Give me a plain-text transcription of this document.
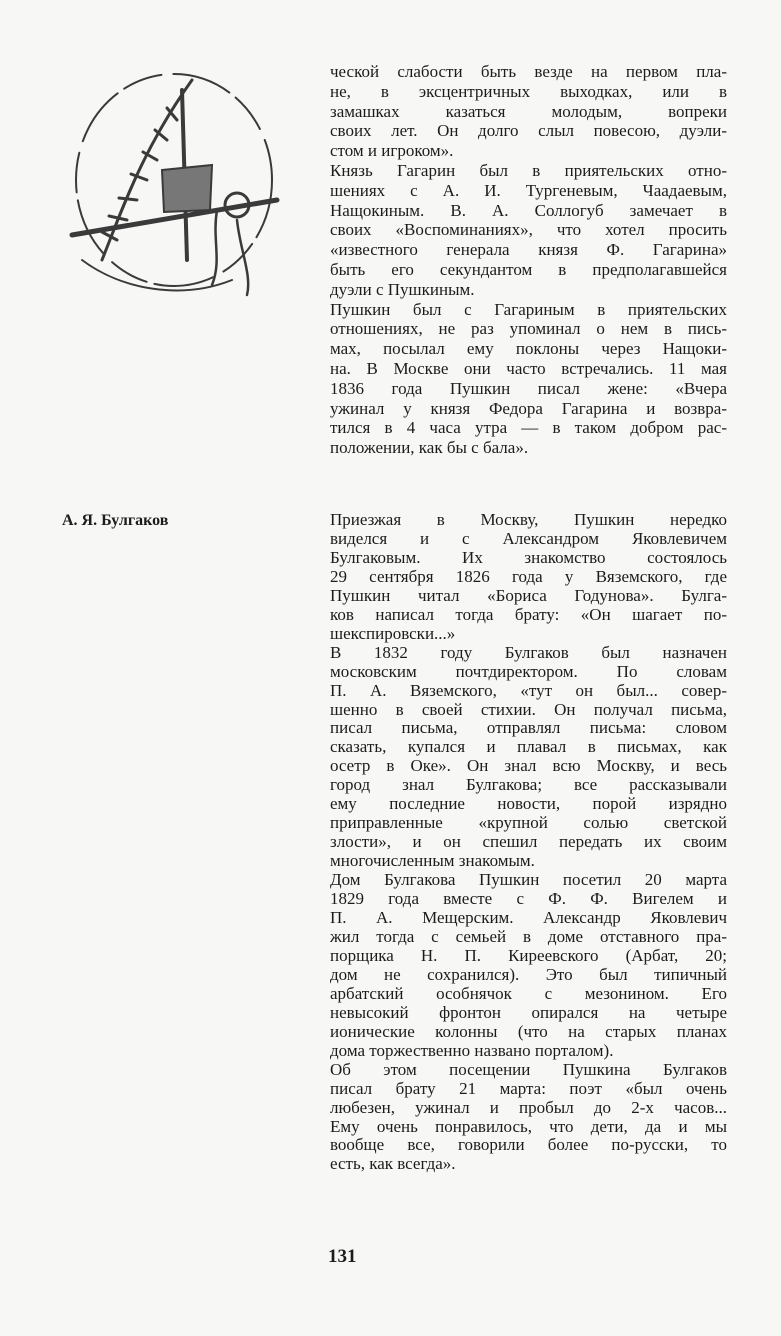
ческой слабости быть везде на первом пла-
не, в эксцентричных выходках, или в
замашках казаться молодым, вопреки
своих лет. Он долго слыл повесою, дуэли-
стом и игроком».
Князь Гагарин был в приятельских отно-
шениях с А. И. Тургеневым, Чаадаевым,
Нащокиным. В. А. Соллогуб замечает в
своих «Воспоминаниях», что хотел просить
«известного генерала князя Ф. Гагарина»
быть его секундантом в предполагавшейся
дуэли с Пушкиным.
Пушкин был с Гагариным в приятельских
отношениях, не раз упоминал о нем в пись-
мах, посылал ему поклоны через Нащоки-
на. В Москве они часто встречались. 11 мая
1836 года Пушкин писал жене: «Вчера
ужинал у князя Федора Гагарина и возвра-
тился в 4 часа утра — в таком добром рас-
положении, как бы с бала».
А. Я. Булгаков	Приезжая в Москву, Пушкин нередко
виделся и с Александром Яковлевичем
Булгаковым. Их знакомство состоялось
29 сентября 1826 года у Вяземского, где
Пушкин читал «Бориса Годунова». Булга-
ков написал тогда брату: «Он шагает по-
шекспировски...»
В 1832 году Булгаков был назначен
московским почтдиректором. По словам
П. А. Вяземского, «тут он был... совер-
шенно в своей стихии. Он получал письма,
писал письма, отправлял письма: словом
сказать, купался и плавал в письмах, как
осетр в Оке». Он знал всю Москву, и весь
город знал Булгакова; все рассказывали
ему последние новости, порой изрядно
приправленные «крупной солью светской
злости», и он спешил передать их своим
многочисленным знакомым.
Дом Булгакова Пушкин посетил 20 марта
1829 года вместе с Ф. Ф. Вигелем и
П. А. Мещерским. Александр Яковлевич
жил тогда с семьей в доме отставного пра-
порщика Н. П. Киреевского (Арбат, 20;
дом не сохранился). Это был типичный
арбатский особнячок с мезонином. Его
невысокий фронтон опирался на четыре
ионические колонны (что на старых планах
дома торжественно названо порталом).
Об этом посещении Пушкина Булгаков
писал брату 21 марта: поэт «был очень
любезен, ужинал и пробыл до 2-х часов...
Ему очень понравилось, что дети, да и мы
вообще все, говорили более по-русски, то
есть, как всегда».
131
